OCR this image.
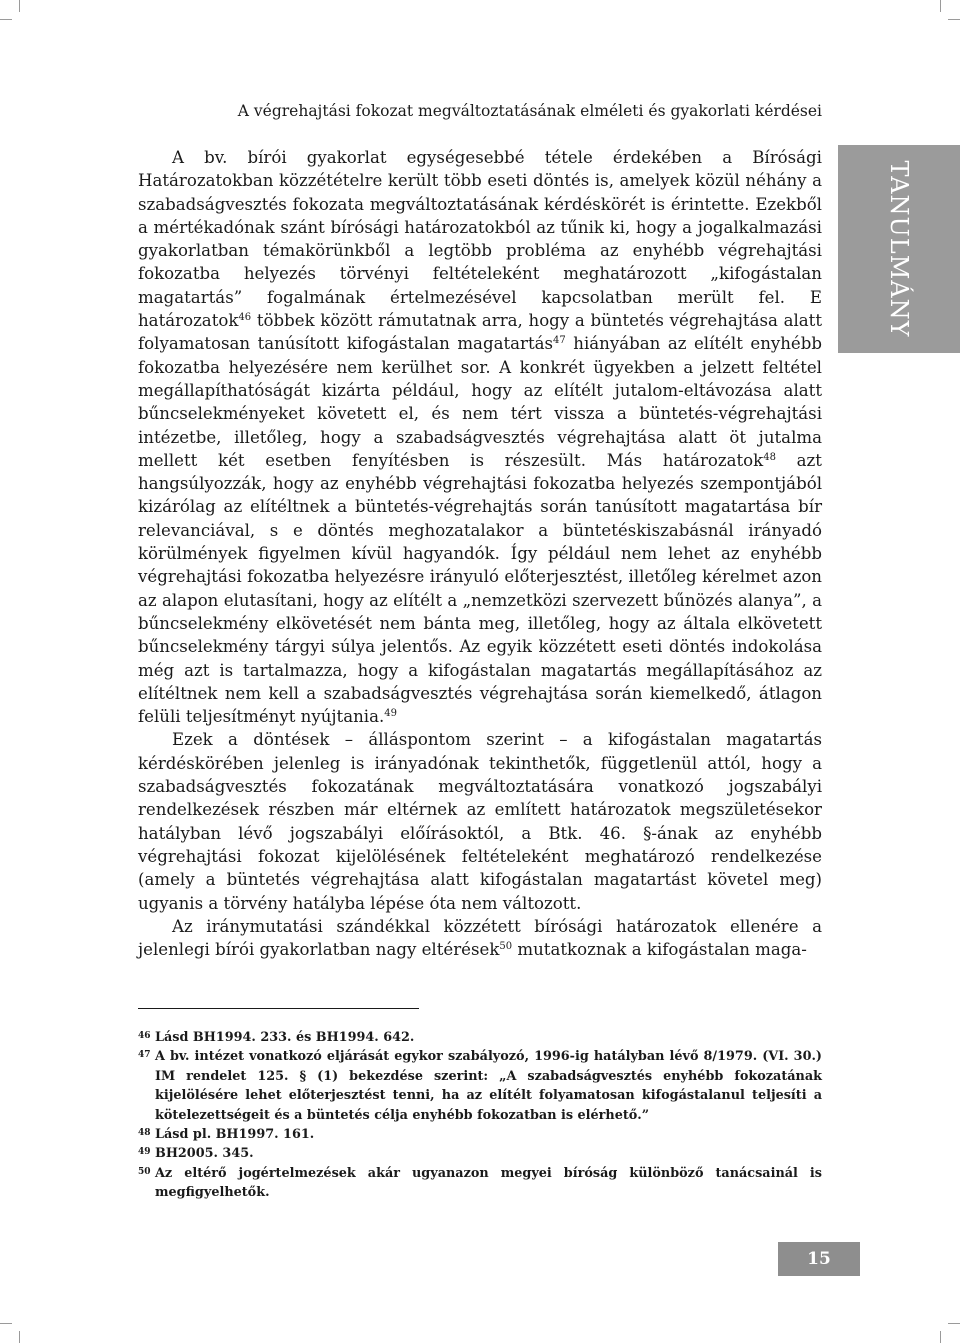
A végrehajtási fokozat megváltoztatásának elméleti és gyakorlati kérdései
TANULMÁNY

A bv. bírói gyakorlat egységesebbé tétele érdekében a Bírósági Határozatokban közzétételre került több eseti döntés is, amelyek közül néhány a szabadságvesztés fokozata megváltoztatásának kérdéskörét is érintette. Ezekből a mértékadónak szánt bírósági határozatokból az tűnik ki, hogy a jogalkalmazási gyakorlatban témakörünkből a legtöbb probléma az enyhébb végrehajtási fokozatba helyezés törvényi feltételeként meghatározott „kifogástalan magatartás” fogalmának értelmezésével kapcsolatban merült fel. E határozatok$^{46}$ többek között rámutatnak arra, hogy a büntetés végrehajtása alatt folyamatosan tanúsított kifogástalan magatartás$^{47}$ hiányában az elítélt enyhébb fokozatba helyezésére nem kerülhet sor. A konkrét ügyekben a jelzett feltétel megállapíthatóságát kizárta például, hogy az elítélt jutalom-eltávozása alatt bűncselekményeket követett el, és nem tért vissza a büntetés-végrehajtási intézetbe, illetőleg, hogy a szabadságvesztés végrehajtása alatt öt jutalma mellett két esetben fenyítésben is részesült. Más határozatok$^{48}$ azt hangsúlyozzák, hogy az enyhébb végrehajtási fokozatba helyezés szempontjából kizárólag az elítéltnek a büntetés-végrehajtás során tanúsított magatartása bír relevanciával, s e döntés meghozatalakor a büntetéskiszabásnál irányadó körülmények figyelmen kívül hagyandók. Így például nem lehet az enyhébb végrehajtási fokozatba helyezésre irányuló előterjesztést, illetőleg kérelmet azon az alapon elutasítani, hogy az elítélt a „nemzetközi szervezett bűnözés alanya”, a bűncselekmény elkövetését nem bánta meg, illetőleg, hogy az általa elkövetett bűncselekmény tárgyi súlya jelentős. Az egyik közzétett eseti döntés indokolása még azt is tartalmazza, hogy a kifogástalan magatartás megállapításához az elítéltnek nem kell a szabadságvesztés végrehajtása során kiemelkedő, átlagon felüli teljesítményt nyújtania.$^{49}$

Ezek a döntések – álláspontom szerint – a kifogástalan magatartás kérdéskörében jelenleg is irányadónak tekinthetők, függetlenül attól, hogy a szabadságvesztés fokozatának megváltoztatására vonatkozó jogszabályi rendelkezések részben már eltérnek az említett határozatok megszületésekor hatályban lévő jogszabályi előírásoktól, a Btk. 46. §-ának az enyhébb végrehajtási fokozat kijelölésének feltételeként meghatározó rendelkezése (amely a büntetés végrehajtása alatt kifogástalan magatartást követel meg) ugyanis a törvény hatályba lépése óta nem változott.

Az iránymutatási szándékkal közzétett bírósági határozatok ellenére a jelenlegi bírói gyakorlatban nagy eltérések$^{50}$ mutatkoznak a kifogástalan maga-

46 Lásd BH1994. 233. és BH1994. 642.
47 A bv. intézet vonatkozó eljárását egykor szabályozó, 1996-ig hatályban lévő 8/1979. (VI. 30.) IM rendelet 125. § (1) bekezdése szerint: „A szabadságvesztés enyhébb fokozatának kijelölésére lehet előterjesztést tenni, ha az elítélt folyamatosan kifogástalanul teljesíti a kötelezettségeit és a büntetés célja enyhébb fokozatban is elérhető.”
48 Lásd pl. BH1997. 161.
49 BH2005. 345.
50 Az eltérő jogértelmezések akár ugyanazon megyei bíróság különböző tanácsainál is megfigyelhetők.
15
